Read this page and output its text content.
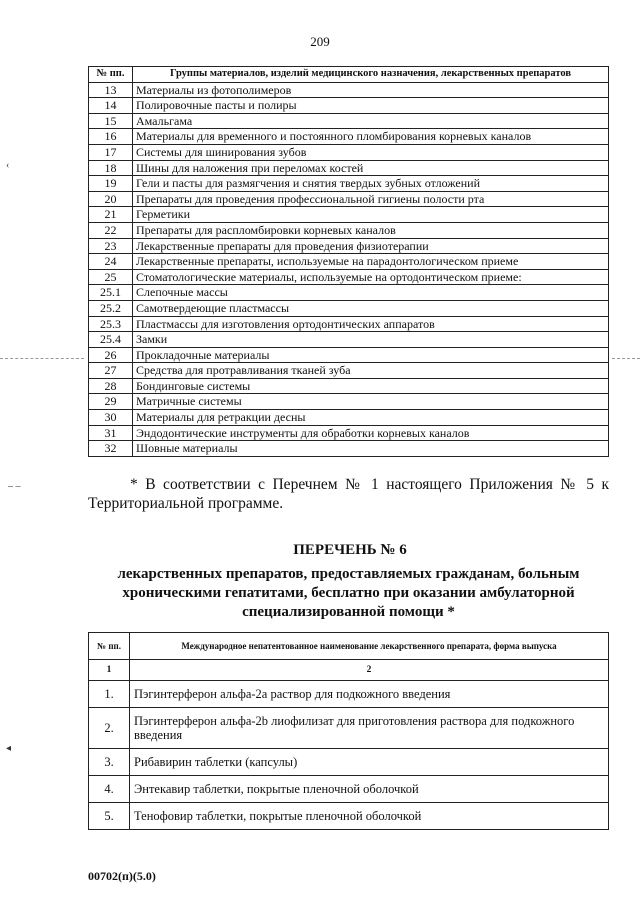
209
‹
‒ –
◂
№ пп.	Группы материалов, изделий медицинского назначения, лекарственных препаратов
13	Материалы из фотополимеров
14	Полировочные пасты и полиры
15	Амальгама
16	Материалы для временного и постоянного пломбирования корневых каналов
17	Системы для шинирования зубов
18	Шины для наложения при переломах костей
19	Гели и пасты для размягчения и снятия твердых зубных отложений
20	Препараты для проведения профессиональной гигиены полости рта
21	Герметики
22	Препараты для распломбировки корневых каналов
23	Лекарственные препараты для проведения физиотерапии
24	Лекарственные препараты, используемые на парадонтологическом приеме
25	Стоматологические материалы, используемые на ортодонтическом приеме:
25.1	Слепочные массы
25.2	Самотвердеющие пластмассы
25.3	Пластмассы для изготовления ортодонтических аппаратов
25.4	Замки
26	Прокладочные материалы
27	Средства для протравливания тканей зуба
28	Бондинговые системы
29	Матричные системы
30	Материалы для ретракции десны
31	Эндодонтические инструменты для обработки корневых каналов
32	Шовные материалы
* В соответствии с Перечнем № 1 настоящего Приложения № 5 к Территориальной программе.
ПЕРЕЧЕНЬ № 6
лекарственных препаратов, предоставляемых гражданам, больным хроническими гепатитами, бесплатно при оказании амбулаторной специализированной помощи *
№ пп.	Международное непатентованное наименование лекарственного препарата, форма выпуска
1	2
1.	Пэгинтерферон альфа-2а раствор для подкожного введения
2.	Пэгинтерферон альфа-2b лиофилизат для приготовления раствора для подкожного введения
3.	Рибавирин таблетки (капсулы)
4.	Энтекавир таблетки, покрытые пленочной оболочкой
5.	Тенофовир таблетки, покрытые пленочной оболочкой
00702(п)(5.0)
